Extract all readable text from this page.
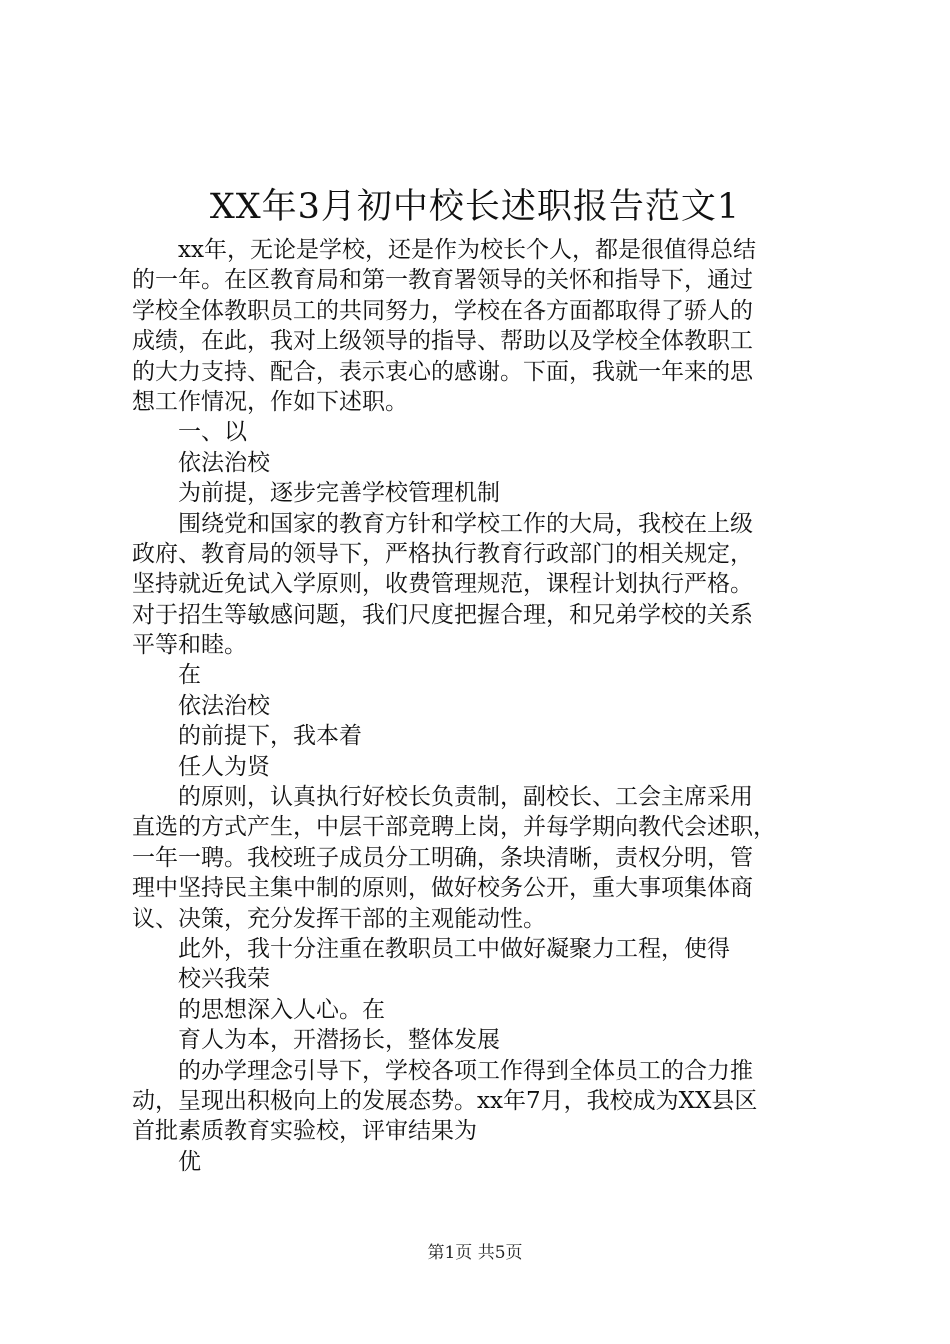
XX年3月初中校长述职报告范文1
xx年，无论是学校，还是作为校长个人，都是很值得总结
的一年。在区教育局和第一教育署领导的关怀和指导下，通过
学校全体教职员工的共同努力，学校在各方面都取得了骄人的
成绩，在此，我对上级领导的指导、帮助以及学校全体教职工
的大力支持、配合，表示衷心的感谢。下面，我就一年来的思
想工作情况，作如下述职。
一、以
依法治校
为前提，逐步完善学校管理机制
围绕党和国家的教育方针和学校工作的大局，我校在上级
政府、教育局的领导下，严格执行教育行政部门的相关规定，
坚持就近免试入学原则，收费管理规范，课程计划执行严格。
对于招生等敏感问题，我们尺度把握合理，和兄弟学校的关系
平等和睦。
在
依法治校
的前提下，我本着
任人为贤
的原则，认真执行好校长负责制，副校长、工会主席采用
直选的方式产生，中层干部竞聘上岗，并每学期向教代会述职，
一年一聘。我校班子成员分工明确，条块清晰，责权分明，管
理中坚持民主集中制的原则，做好校务公开，重大事项集体商
议、决策，充分发挥干部的主观能动性。
此外，我十分注重在教职员工中做好凝聚力工程，使得
校兴我荣
的思想深入人心。在
育人为本，开潜扬长，整体发展
的办学理念引导下，学校各项工作得到全体员工的合力推
动，呈现出积极向上的发展态势。xx年7月，我校成为XX县区
首批素质教育实验校，评审结果为
优
第1页 共5页
